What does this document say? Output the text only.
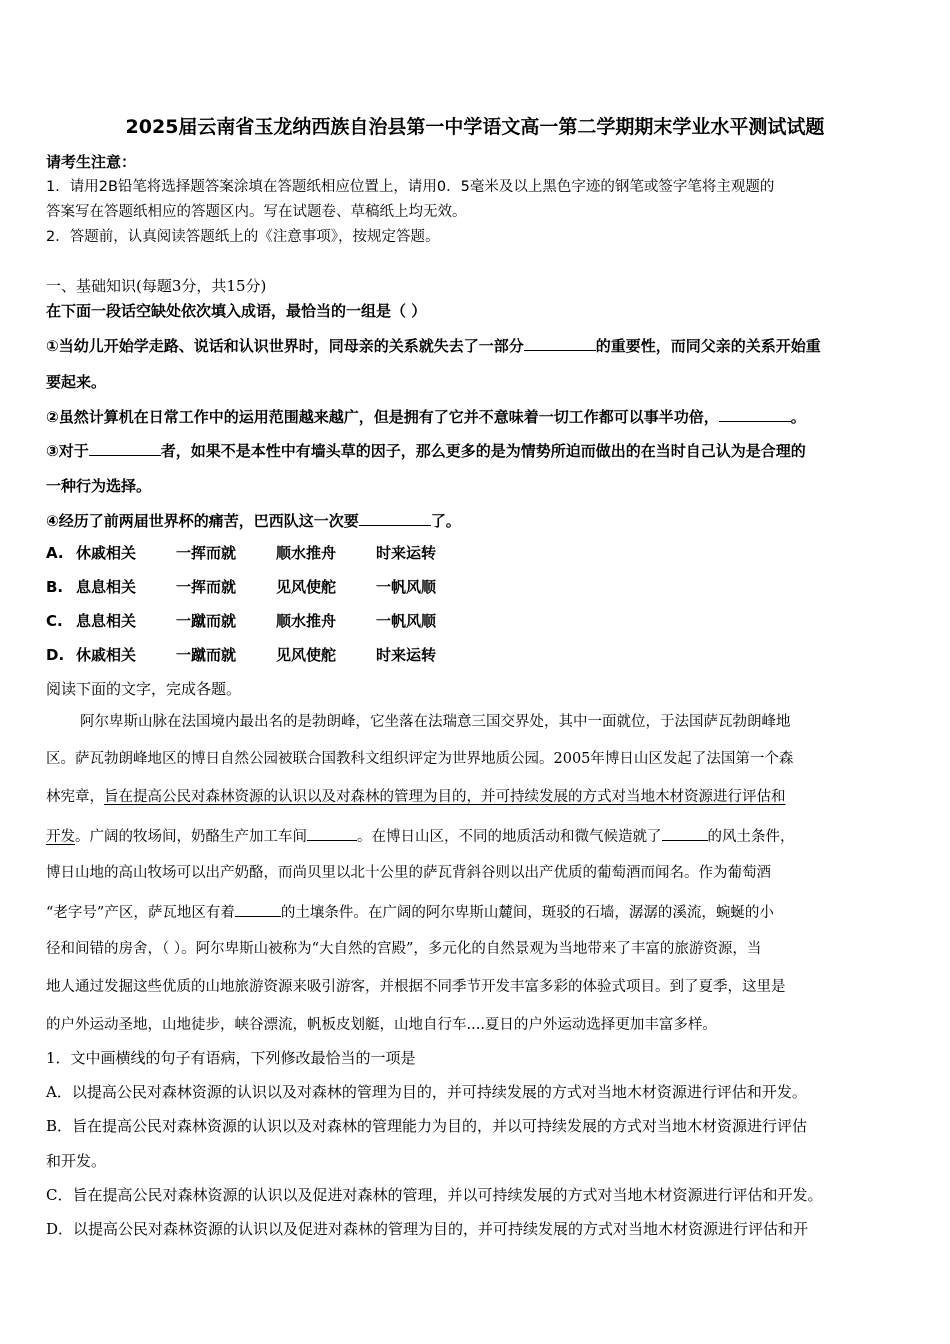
2025届云南省玉龙纳西族自治县第一中学语文高一第二学期期末学业水平测试试题
请考生注意：
1．请用2B铅笔将选择题答案涂填在答题纸相应位置上，请用0．5毫米及以上黑色字迹的钢笔或签字笔将主观题的
答案写在答题纸相应的答题区内。写在试题卷、草稿纸上均无效。
2．答题前，认真阅读答题纸上的《注意事项》，按规定答题。
一、基础知识(每题3分，共15分)
在下面一段话空缺处依次填入成语，最恰当的一组是（ ）
①当幼儿开始学走路、说话和认识世界时，同母亲的关系就失去了一部分	的重要性，而同父亲的关系开始重
要起来。
②虽然计算机在日常工作中的运用范围越来越广，但是拥有了它并不意味着一切工作都可以事半功倍，	。
③对于	者，如果不是本性中有墙头草的因子，那么更多的是为情势所迫而做出的在当时自己认为是合理的
一种行为选择。
④经历了前两届世界杯的痛苦，巴西队这一次要	了。
A. 休戚相关	一挥而就	顺水推舟	时来运转
B. 息息相关	一挥而就	见风使舵	一帆风顺
C. 息息相关	一蹴而就	顺水推舟	一帆风顺
D. 休戚相关	一蹴而就	见风使舵	时来运转
阅读下面的文字，完成各题。
阿尔卑斯山脉在法国境内最出名的是勃朗峰，它坐落在法瑞意三国交界处，其中一面就位，于法国萨瓦勃朗峰地
区。萨瓦勃朗峰地区的博日自然公园被联合国教科文组织评定为世界地质公园。2005年博日山区发起了法国第一个森
林宪章，旨在提高公民对森林资源的认识以及对森林的管理为目的，并可持续发展的方式对当地木材资源进行评估和
开发。广阔的牧场间，奶酪生产加工车间	。在博日山区，不同的地质活动和微气候造就了	的风土条件，
博日山地的高山牧场可以出产奶酪，而尚贝里以北十公里的萨瓦背斜谷则以出产优质的葡萄酒而闻名。作为葡萄酒
“老字号”产区，萨瓦地区有着	的土壤条件。在广阔的阿尔卑斯山麓间，斑驳的石墙，潺潺的溪流，蜿蜒的小
径和间错的房舍，（ ）。阿尔卑斯山被称为“大自然的宫殿”，多元化的自然景观为当地带来了丰富的旅游资源，当
地人通过发掘这些优质的山地旅游资源来吸引游客，并根据不同季节开发丰富多彩的体验式项目。到了夏季，这里是
的户外运动圣地，山地徒步，峡谷漂流，帆板皮划艇，山地自行车....夏日的户外运动选择更加丰富多样。
1．文中画横线的句子有语病，下列修改最恰当的一项是
A．以提高公民对森林资源的认识以及对森林的管理为目的，并可持续发展的方式对当地木材资源进行评估和开发。
B．旨在提高公民对森林资源的认识以及对森林的管理能力为目的，并以可持续发展的方式对当地木材资源进行评估
和开发。
C．旨在提高公民对森林资源的认识以及促进对森林的管理，并以可持续发展的方式对当地木材资源进行评估和开发。
D．以提高公民对森林资源的认识以及促进对森林的管理为目的，并可持续发展的方式对当地木材资源进行评估和开
